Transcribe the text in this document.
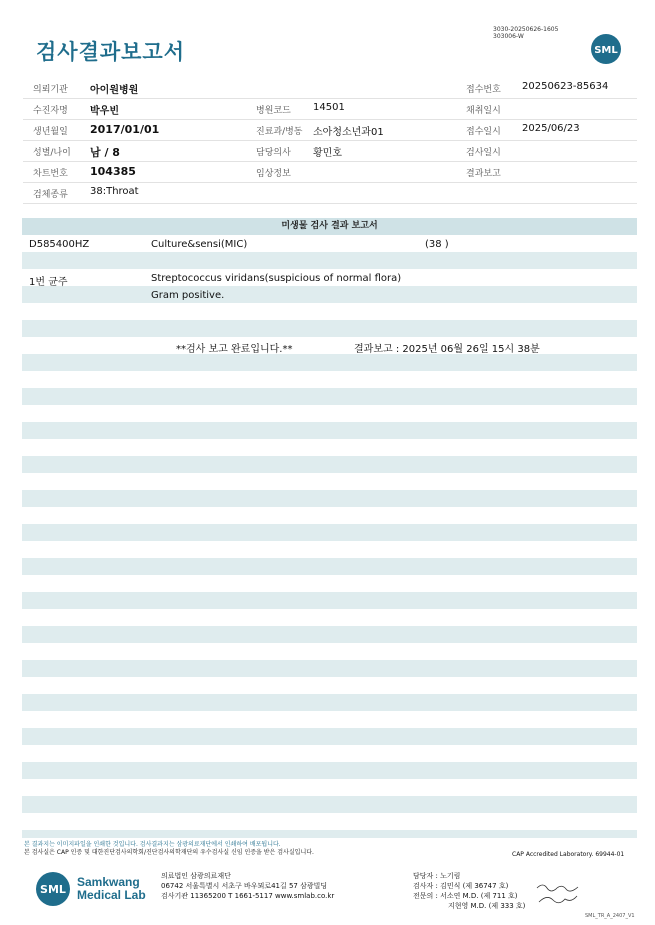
검사결과보고서
3030-20250626-1605
303006-W
SML
의뢰기관 아이원병원	접수번호 20250623-85634
수진자명 박우빈	병원코드 14501	채취일시
생년월일 2017/01/01	진료과/병동 소아청소년과01	접수일시 2025/06/23
성별/나이 남 / 8	담당의사 황민호	검사일시
차트번호 104385	임상정보	결과보고
검체종류 38:Throat
미생물 검사 결과 보고서
D585400HZ	Culture&sensi(MIC)	(38 )
1번 균주	Streptococcus viridans(suspicious of normal flora)
Gram positive.
**검사 보고 완료입니다.**	결과보고 : 2025년 06월 26일 15시 38분
본 결과지는 이미지파일을 인쇄한 것입니다. 검사결과지는 삼광의료재단에서 인쇄하여 배포됩니다.
본 검사실은 CAP 인증 및 대한진단검사의학회/진단검사의학재단의 우수검사실 신임 인증을 받은 검사실입니다.	CAP Accredited Laboratory. 69944-01
SML
Samkwang
Medical Lab
의료법인 삼광의료재단
06742 서울특별시 서초구 바우뫼로41길 57 삼광빌딩
검사기관 11365200 T 1661-5117 www.smlab.co.kr
담당자 : 노기림
검사자 : 김민식 (제 36747 호)
전문의 : 서소연 M.D. (제 711 호)
지현영 M.D. (제 333 호)
SML_TR_A_2407_V1
